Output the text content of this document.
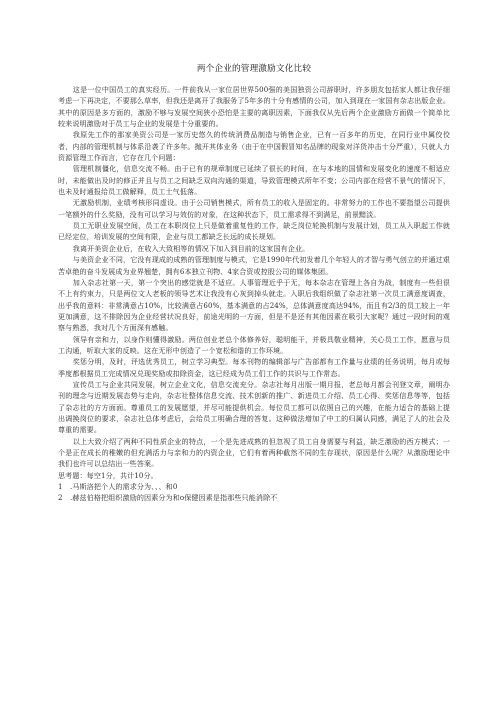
两个企业的管理激励文化比较

这是一位中国员工的真实经历。一件前我从一家位居世界500强的美国独资公司辞职时，许多朋友包括家人都让我仔细考虑一下再决定，不要那么草率，但我还是离开了我服务了5年多的十分有感情的公司，加入到现在一家国有杂志出版企业。其中的原因是多方面的，激励不够与发展空间狭小恐怕是主要的离职因素，下面我仅从先后两个企业激励方面做一个简单比较来说明激励对于员工与企业的发展是十分重要的。

我原先工作的那家美资公司是一家历史悠久的传统消费品制造与销售企业，已有一百多年的历史，在同行业中属佼佼者，内部的管理机制与体系沿袭了许多年。抛开其体业务（由于在中国假冒知名品牌的现象对洋货冲击十分严重），只就人力资源管理工作而言，它存在几个问题：

管理机制僵化，信息交流不畅。由于已有的规章制度已延续了很长的时间，在与本地的国情和发展变化的速度不相适应时，未能做出及时的修正并且与员工之间缺乏双向沟通的渠道，导致管理模式所年不变；公司内部在经营不景气的情况下，也未及时通报给员工做解释，员工士气低落。

无激励机制，业绩考核形同虚设。由于公司销售模式，所有员工的收入是固定的。非常努力的工作也不要指望公司提供一笔额外的什么奖励，没有可以学习与效仿的对象，在这种状态下，员工需求得不到满足，前景黯淡。

员工无职业发展空间，员工在本职岗位上只是做着重复性的工作，缺乏岗位轮换机制与发展计划，员工从入职起工作就已经定位，培训发展的空间有限，企业与员工都缺乏长远的成长规划。

我离开美资企业后，在收入大致相等的情况下加入到目前的这家国有企业。

与美资企业不同，它没有现成的成熟的管理制度与模式，它是1990年代初发着几个年轻人的才智与勇气创立的并通过艰苦卓绝的奋斗发展成为业界翘楚，拥有6本独立刊物、4家合资或控股公司的媒体集团。

加入杂志社第一天，第一个突出的感觉就是不适应。人事管理近乎于无，每本杂志在管理上各自为战，制度有一些但很不上有约束力，只是两位文人老板的领导艺术让我没有心灰到掉头就走。入职后我组织做了杂志社第一次员工满意度调查，出乎我的意料：非常满意占10%，比较满意占60%，基本满意的占24%，总体满意度高达94%，而且有2/3的员工较上一年更加满意，这不排除因为企业经营状况良好，前途光明的一方面，但是不是还有其他因素在吸引大家呢？通过一段时间的观察与熟悉，我对几个方面深有感触。

领导有亲和力，以身作则懂得激励。两位创业老总个体修养好，聪明能干，并极具敬业精神，关心员工工作，愿意与员工沟通，听取大家的反映。这在无形中创造了一个宽松和谐的工作环境。

奖惩分明，及时，评选优秀员工，树立学习典型。每本刊物的编辑部与广告部都有工作量与业绩的任务说明，每月或每季度都根据员工完成情况兑现奖励或扣除资金，这已经成为员工们工作的共识与工作常态。

宣传员工与企业共同发展，树立企业文化，信息交流充分。杂志社每月出版一期月报，老总每月都会刊登文章，阐明办刊的理念与近期发展态势与走向，杂志社整体信息交流、技术创新的推广、新进员工介绍、员工心得、奖惩信息等等，包括了杂志社的方方面面。尊重员工的发展愿望，并尽可能提供机会。每位员工都可以依照自己的兴趣，在能力适合的基础上提出调换岗位的要求，杂志社总体考虑后，会给员工明确合理的答复。这种做法增加了中工的归属认同感，满足了人的社会及尊重的需要。

以上大致介绍了两种不同性质企业的特点，一个是先进成熟的但忽视了员工自身需要与利益，缺乏激励的西方模式；一个是正在成长的稚嫩的但充满活力与亲和力的内资企业，它们有着两种截然不同的生存现状，原因是什么呢？从激励理论中我们也许可以总结出一些答案。

思考题：每空1分，共计10分。

1 .马斯洛把个人的需求分为、、、和0

2 .赫兹伯格把组织激励的因素分为和o保健因素是指那些只能消除不
